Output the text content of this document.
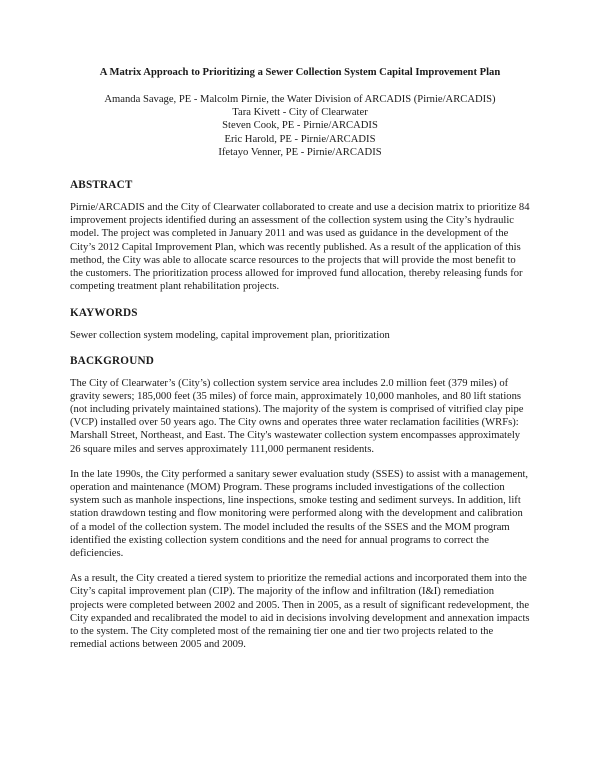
A Matrix Approach to Prioritizing a Sewer Collection System Capital Improvement Plan
Amanda Savage, PE - Malcolm Pirnie, the Water Division of ARCADIS (Pirnie/ARCADIS)
Tara Kivett - City of Clearwater
Steven Cook, PE - Pirnie/ARCADIS
Eric Harold, PE - Pirnie/ARCADIS
Ifetayo Venner, PE - Pirnie/ARCADIS
ABSTRACT

Pirnie/ARCADIS and the City of Clearwater collaborated to create and use a decision matrix to prioritize 84 improvement projects identified during an assessment of the collection system using the City’s hydraulic model. The project was completed in January 2011 and was used as guidance in the development of the City’s 2012 Capital Improvement Plan, which was recently published. As a result of the application of this method, the City was able to allocate scarce resources to the projects that will provide the most benefit to the customers. The prioritization process allowed for improved fund allocation, thereby releasing funds for competing treatment plant rehabilitation projects.

KAYWORDS

Sewer collection system modeling, capital improvement plan, prioritization

BACKGROUND

The City of Clearwater’s (City’s) collection system service area includes 2.0 million feet (379 miles) of gravity sewers; 185,000 feet (35 miles) of force main, approximately 10,000 manholes, and 80 lift stations (not including privately maintained stations). The majority of the system is comprised of vitrified clay pipe (VCP) installed over 50 years ago. The City owns and operates three water reclamation facilities (WRFs): Marshall Street, Northeast, and East. The City's wastewater collection system encompasses approximately 26 square miles and serves approximately 111,000 permanent residents.

In the late 1990s, the City performed a sanitary sewer evaluation study (SSES) to assist with a management, operation and maintenance (MOM) Program. These programs included investigations of the collection system such as manhole inspections, line inspections, smoke testing and sediment surveys. In addition, lift station drawdown testing and flow monitoring were performed along with the development and calibration of a model of the collection system. The model included the results of the SSES and the MOM program identified the existing collection system conditions and the need for annual programs to correct the deficiencies.

As a result, the City created a tiered system to prioritize the remedial actions and incorporated them into the City’s capital improvement plan (CIP). The majority of the inflow and infiltration (I&I) remediation projects were completed between 2002 and 2005. Then in 2005, as a result of significant redevelopment, the City expanded and recalibrated the model to aid in decisions involving development and annexation impacts to the system. The City completed most of the remaining tier one and tier two projects related to the remedial actions between 2005 and 2009.
